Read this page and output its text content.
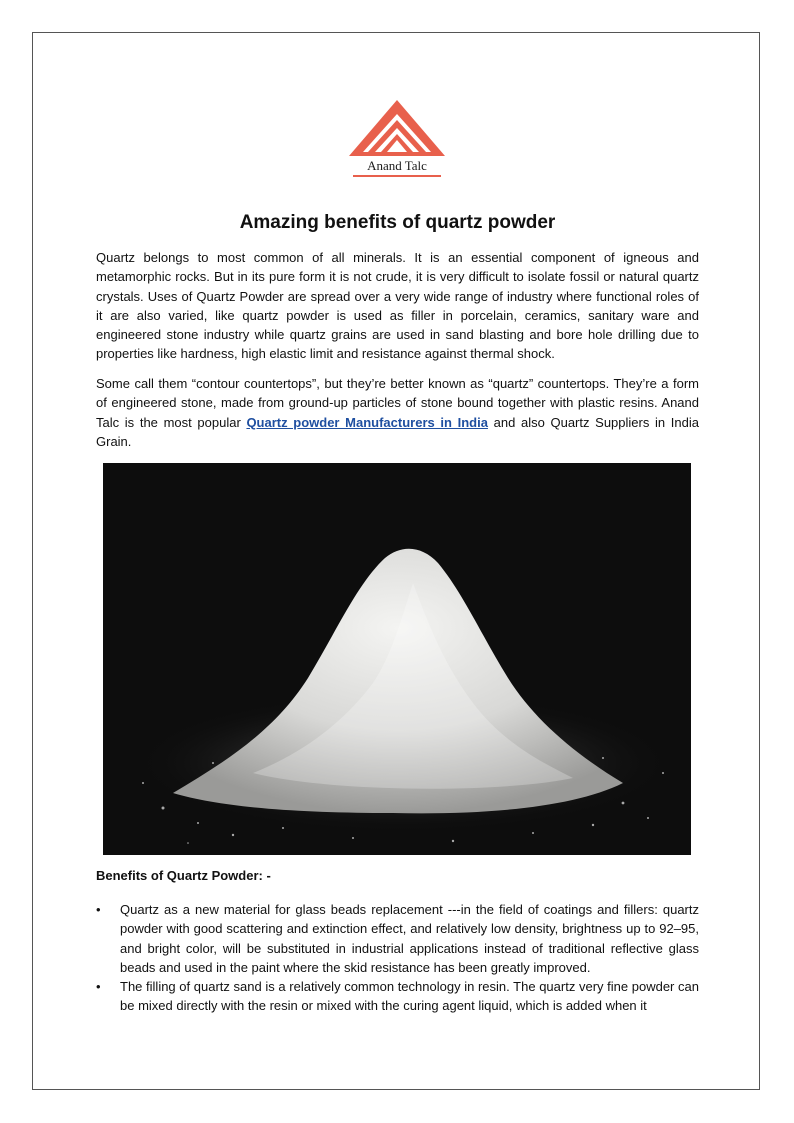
Anand Talc
Amazing benefits of quartz powder

Quartz belongs to most common of all minerals. It is an essential component of igneous and metamorphic rocks. But in its pure form it is not crude, it is very difficult to isolate fossil or natural quartz crystals. Uses of Quartz Powder are spread over a very wide range of industry where functional roles of it are also varied, like quartz powder is used as filler in porcelain, ceramics, sanitary ware and engineered stone industry while quartz grains are used in sand blasting and bore hole drilling due to properties like hardness, high elastic limit and resistance against thermal shock.

Some call them “contour countertops”, but they’re better known as “quartz” countertops. They’re a form of engineered stone, made from ground-up particles of stone bound together with plastic resins. Anand Talc is the most popular Quartz powder Manufacturers in India and also Quartz Suppliers in India Grain.

Benefits of Quartz Powder: -

• Quartz as a new material for glass beads replacement ---in the field of coatings and fillers: quartz powder with good scattering and extinction effect, and relatively low density, brightness up to 92–95, and bright color, will be substituted in industrial applications instead of traditional reflective glass beads and used in the paint where the skid resistance has been greatly improved.
• The filling of quartz sand is a relatively common technology in resin. The quartz very fine powder can be mixed directly with the resin or mixed with the curing agent liquid, which is added when it
